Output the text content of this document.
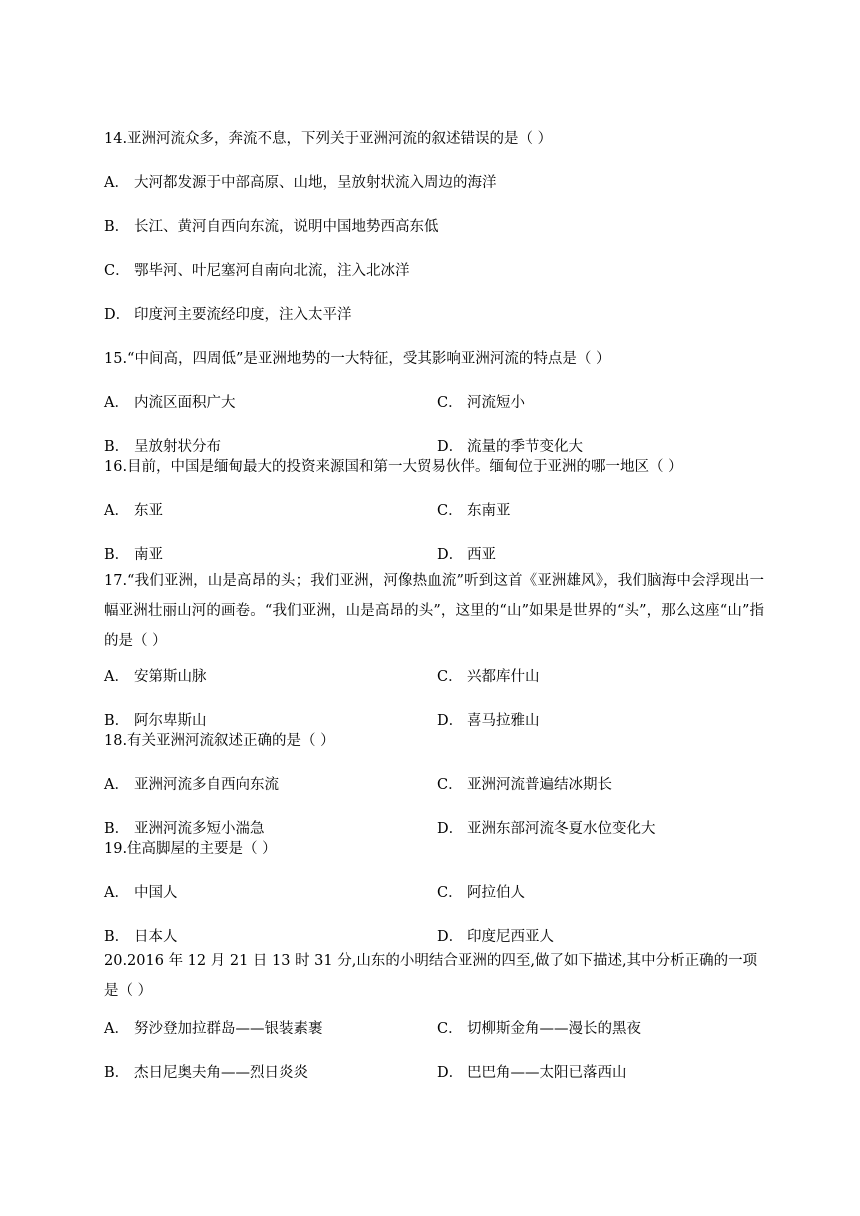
14.亚洲河流众多，奔流不息，下列关于亚洲河流的叙述错误的是（ ）
A． 大河都发源于中部高原、山地，呈放射状流入周边的海洋
B． 长江、黄河自西向东流，说明中国地势西高东低
C． 鄂毕河、叶尼塞河自南向北流，注入北冰洋
D． 印度河主要流经印度，注入太平洋
15.“中间高，四周低”是亚洲地势的一大特征，受其影响亚洲河流的特点是（ ）
A． 内流区面积广大	C． 河流短小
B． 呈放射状分布	D． 流量的季节变化大
16.目前，中国是缅甸最大的投资来源国和第一大贸易伙伴。缅甸位于亚洲的哪一地区（ ）
A． 东亚	C． 东南亚
B． 南亚	D． 西亚
17.“我们亚洲，山是高昂的头；我们亚洲，河像热血流”听到这首《亚洲雄风》，我们脑海中会浮现出一幅亚洲壮丽山河的画卷。“我们亚洲，山是高昂的头”，这里的“山”如果是世界的“头”，那么这座“山”指的是（ ）
A． 安第斯山脉	C． 兴都库什山
B． 阿尔卑斯山	D． 喜马拉雅山
18.有关亚洲河流叙述正确的是（ ）
A． 亚洲河流多自西向东流	C． 亚洲河流普遍结冰期长
B． 亚洲河流多短小湍急	D． 亚洲东部河流冬夏水位变化大
19.住高脚屋的主要是（ ）
A． 中国人	C． 阿拉伯人
B． 日本人	D． 印度尼西亚人
20.2016 年 12 月 21 日 13 时 31 分,山东的小明结合亚洲的四至,做了如下描述,其中分析正确的一项是（ ）
A． 努沙登加拉群岛——银装素裹	C． 切柳斯金角——漫长的黑夜
B． 杰日尼奥夫角——烈日炎炎	D． 巴巴角——太阳已落西山
